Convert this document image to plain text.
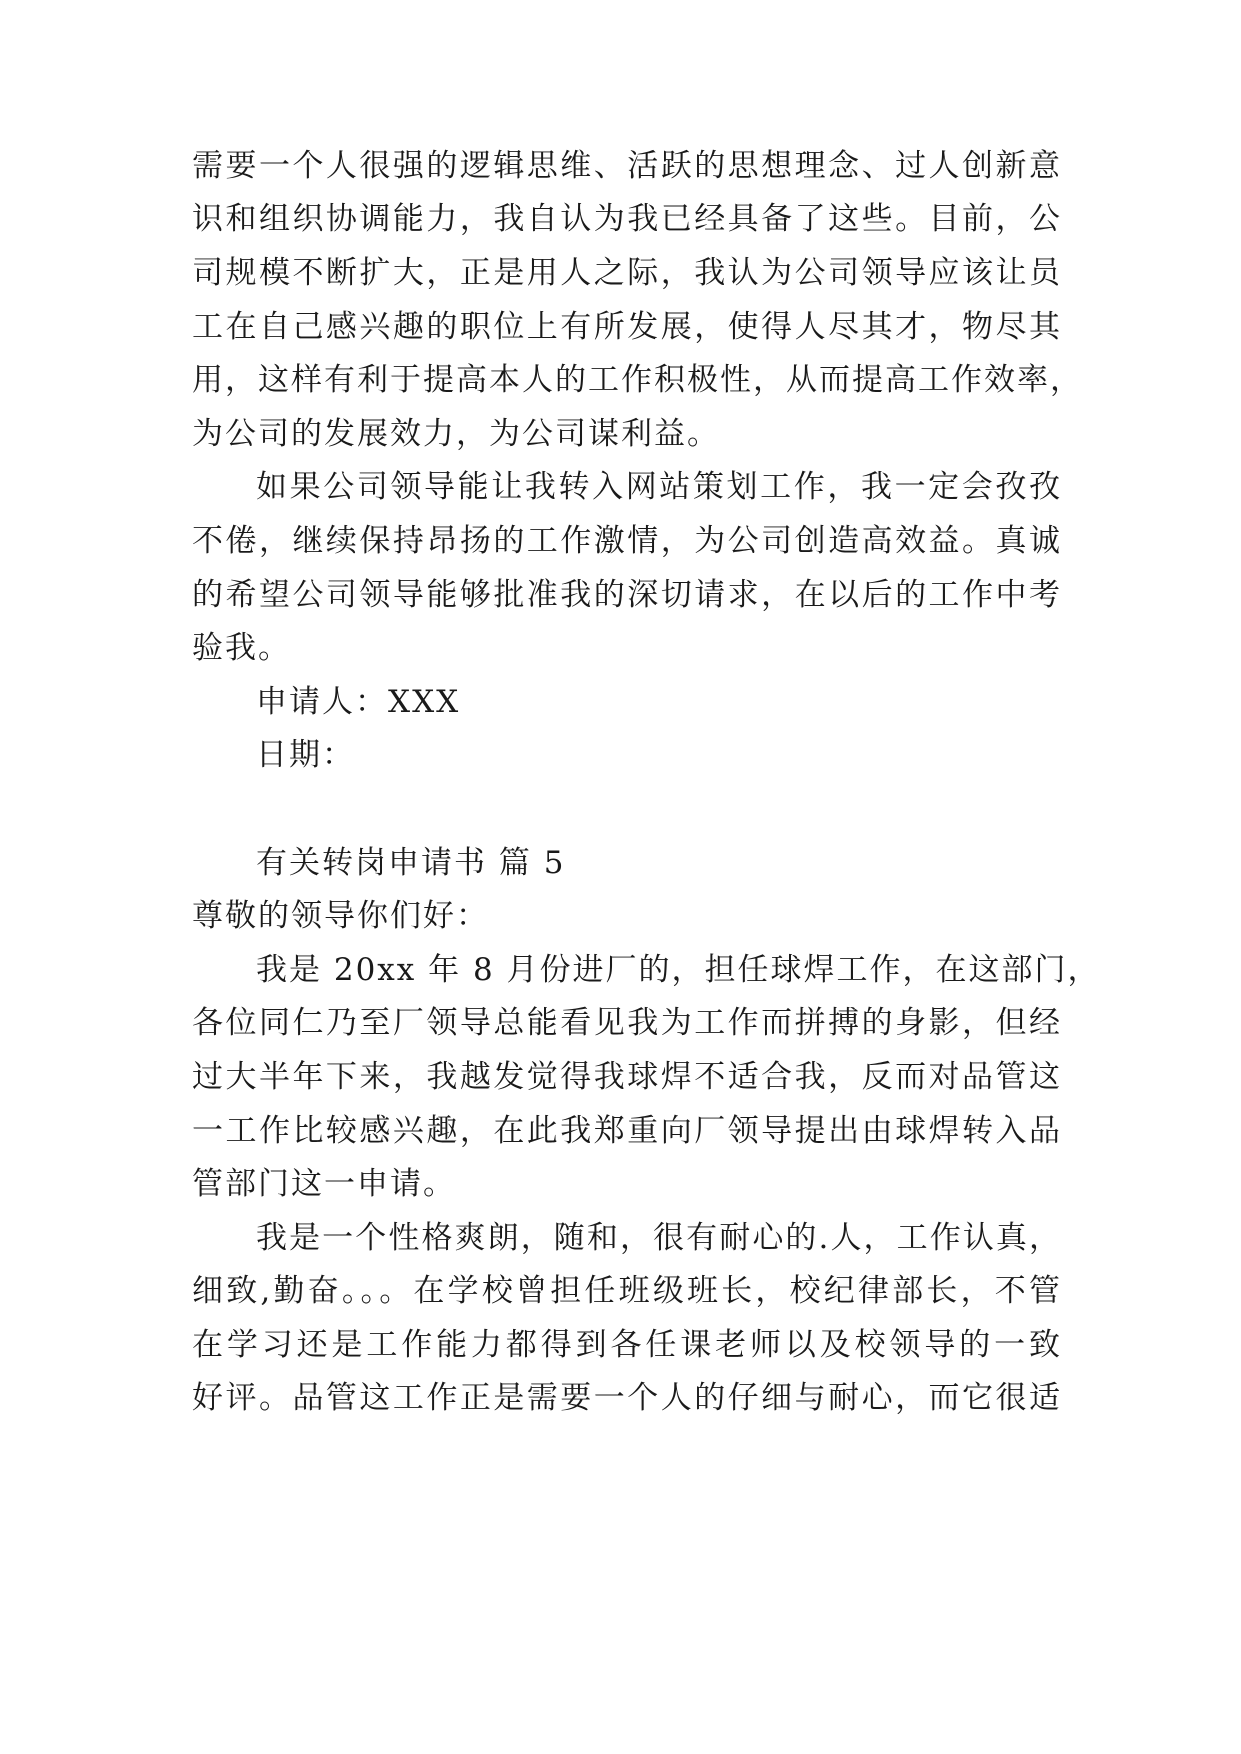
需要一个人很强的逻辑思维、活跃的思想理念、过人创新意
识和组织协调能力，我自认为我已经具备了这些。目前，公
司规模不断扩大，正是用人之际，我认为公司领导应该让员
工在自己感兴趣的职位上有所发展，使得人尽其才，物尽其
用，这样有利于提高本人的工作积极性，从而提高工作效率，
为公司的发展效力，为公司谋利益。
如果公司领导能让我转入网站策划工作，我一定会孜孜
不倦，继续保持昂扬的工作激情，为公司创造高效益。真诚
的希望公司领导能够批准我的深切请求，在以后的工作中考
验我。
申请人：XXX
日期：
有关转岗申请书 篇 5
尊敬的领导你们好：
我是 20xx 年 8 月份进厂的，担任球焊工作，在这部门，
各位同仁乃至厂领导总能看见我为工作而拼搏的身影，但经
过大半年下来，我越发觉得我球焊不适合我，反而对品管这
一工作比较感兴趣，在此我郑重向厂领导提出由球焊转入品
管部门这一申请。
我是一个性格爽朗，随和，很有耐心的.人，工作认真，
细致,勤奋。。。在学校曾担任班级班长，校纪律部长，不管
在学习还是工作能力都得到各任课老师以及校领导的一致
好评。品管这工作正是需要一个人的仔细与耐心，而它很适
